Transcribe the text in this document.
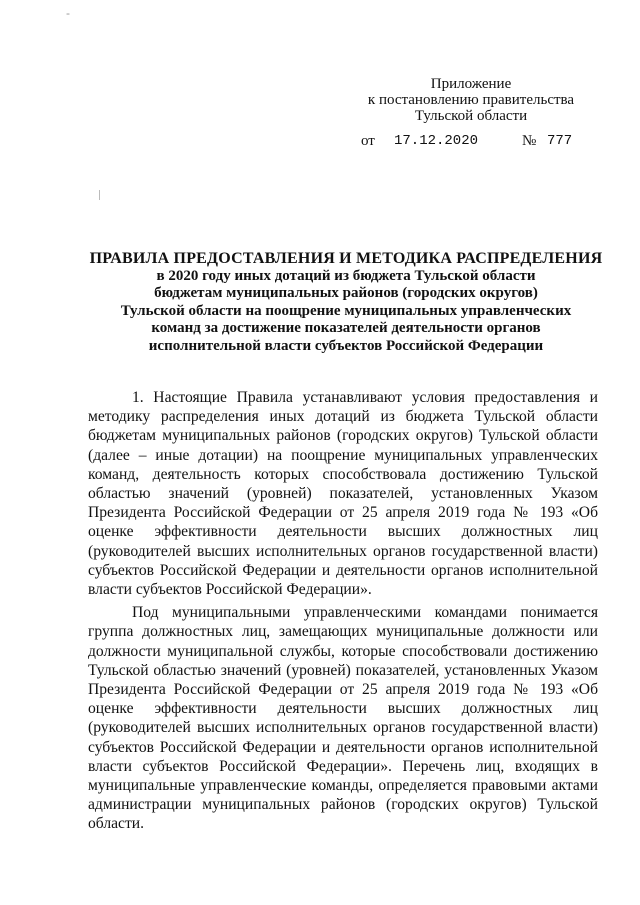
-
Приложение
к постановлению правительства
Тульской области
от 17.12.2020	№ 777
ПРАВИЛА ПРЕДОСТАВЛЕНИЯ И МЕТОДИКА РАСПРЕДЕЛЕНИЯ
в 2020 году иных дотаций из бюджета Тульской области
бюджетам муниципальных районов (городских округов)
Тульской области на поощрение муниципальных управленческих
команд за достижение показателей деятельности органов
исполнительной власти субъектов Российской Федерации

1. Настоящие Правила устанавливают условия предоставления и методику распределения иных дотаций из бюджета Тульской области бюджетам муниципальных районов (городских округов) Тульской области (далее – иные дотации) на поощрение муниципальных управленческих команд, деятельность которых способствовала достижению Тульской областью значений (уровней) показателей, установленных Указом Президента Российской Федерации от 25 апреля 2019 года № 193 «Об оценке эффективности деятельности высших должностных лиц (руководителей высших исполнительных органов государственной власти) субъектов Российской Федерации и деятельности органов исполнительной власти субъектов Российской Федерации».

Под муниципальными управленческими командами понимается группа должностных лиц, замещающих муниципальные должности или должности муниципальной службы, которые способствовали достижению Тульской областью значений (уровней) показателей, установленных Указом Президента Российской Федерации от 25 апреля 2019 года № 193 «Об оценке эффективности деятельности высших должностных лиц (руководителей высших исполнительных органов государственной власти) субъектов Российской Федерации и деятельности органов исполнительной власти субъектов Российской Федерации». Перечень лиц, входящих в муниципальные управленческие команды, определяется правовыми актами администрации муниципальных районов (городских округов) Тульской области.
